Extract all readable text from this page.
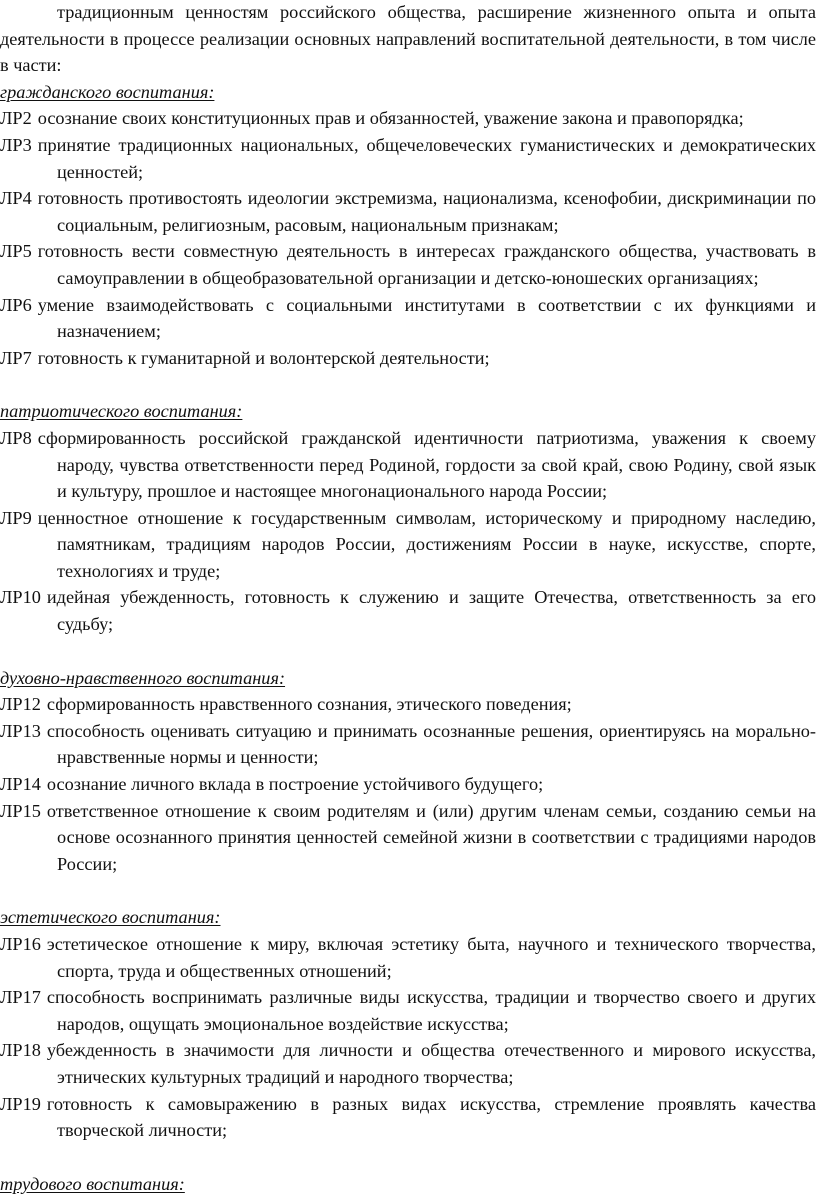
традиционным ценностям российского общества, расширение жизненного опыта и опыта деятельности в процессе реализации основных направлений воспитательной деятельности, в том числе в части:

гражданского воспитания:

ЛР2 осознание своих конституционных прав и обязанностей, уважение закона и правопорядка;

ЛР3 принятие традиционных национальных, общечеловеческих гуманистических и демократических ценностей;

ЛР4 готовность противостоять идеологии экстремизма, национализма, ксенофобии, дискриминации по социальным, религиозным, расовым, национальным признакам;

ЛР5 готовность вести совместную деятельность в интересах гражданского общества, участвовать в самоуправлении в общеобразовательной организации и детско-юношеских организациях;

ЛР6 умение взаимодействовать с социальными институтами в соответствии с их функциями и назначением;

ЛР7 готовность к гуманитарной и волонтерской деятельности;

патриотического воспитания:

ЛР8 сформированность российской гражданской идентичности патриотизма, уважения к своему народу, чувства ответственности перед Родиной, гордости за свой край, свою Родину, свой язык и культуру, прошлое и настоящее многонационального народа России;

ЛР9 ценностное отношение к государственным символам, историческому и природному наследию, памятникам, традициям народов России, достижениям России в науке, искусстве, спорте, технологиях и труде;

ЛР10 идейная убежденность, готовность к служению и защите Отечества, ответственность за его судьбу;

духовно-нравственного воспитания:

ЛР12 сформированность нравственного сознания, этического поведения;

ЛР13 способность оценивать ситуацию и принимать осознанные решения, ориентируясь на морально-нравственные нормы и ценности;

ЛР14 осознание личного вклада в построение устойчивого будущего;

ЛР15 ответственное отношение к своим родителям и (или) другим членам семьи, созданию семьи на основе осознанного принятия ценностей семейной жизни в соответствии с традициями народов России;

эстетического воспитания:

ЛР16 эстетическое отношение к миру, включая эстетику быта, научного и технического творчества, спорта, труда и общественных отношений;

ЛР17 способность воспринимать различные виды искусства, традиции и творчество своего и других народов, ощущать эмоциональное воздействие искусства;

ЛР18 убежденность в значимости для личности и общества отечественного и мирового искусства, этнических культурных традиций и народного творчества;

ЛР19 готовность к самовыражению в разных видах искусства, стремление проявлять качества творческой личности;

трудового воспитания:
